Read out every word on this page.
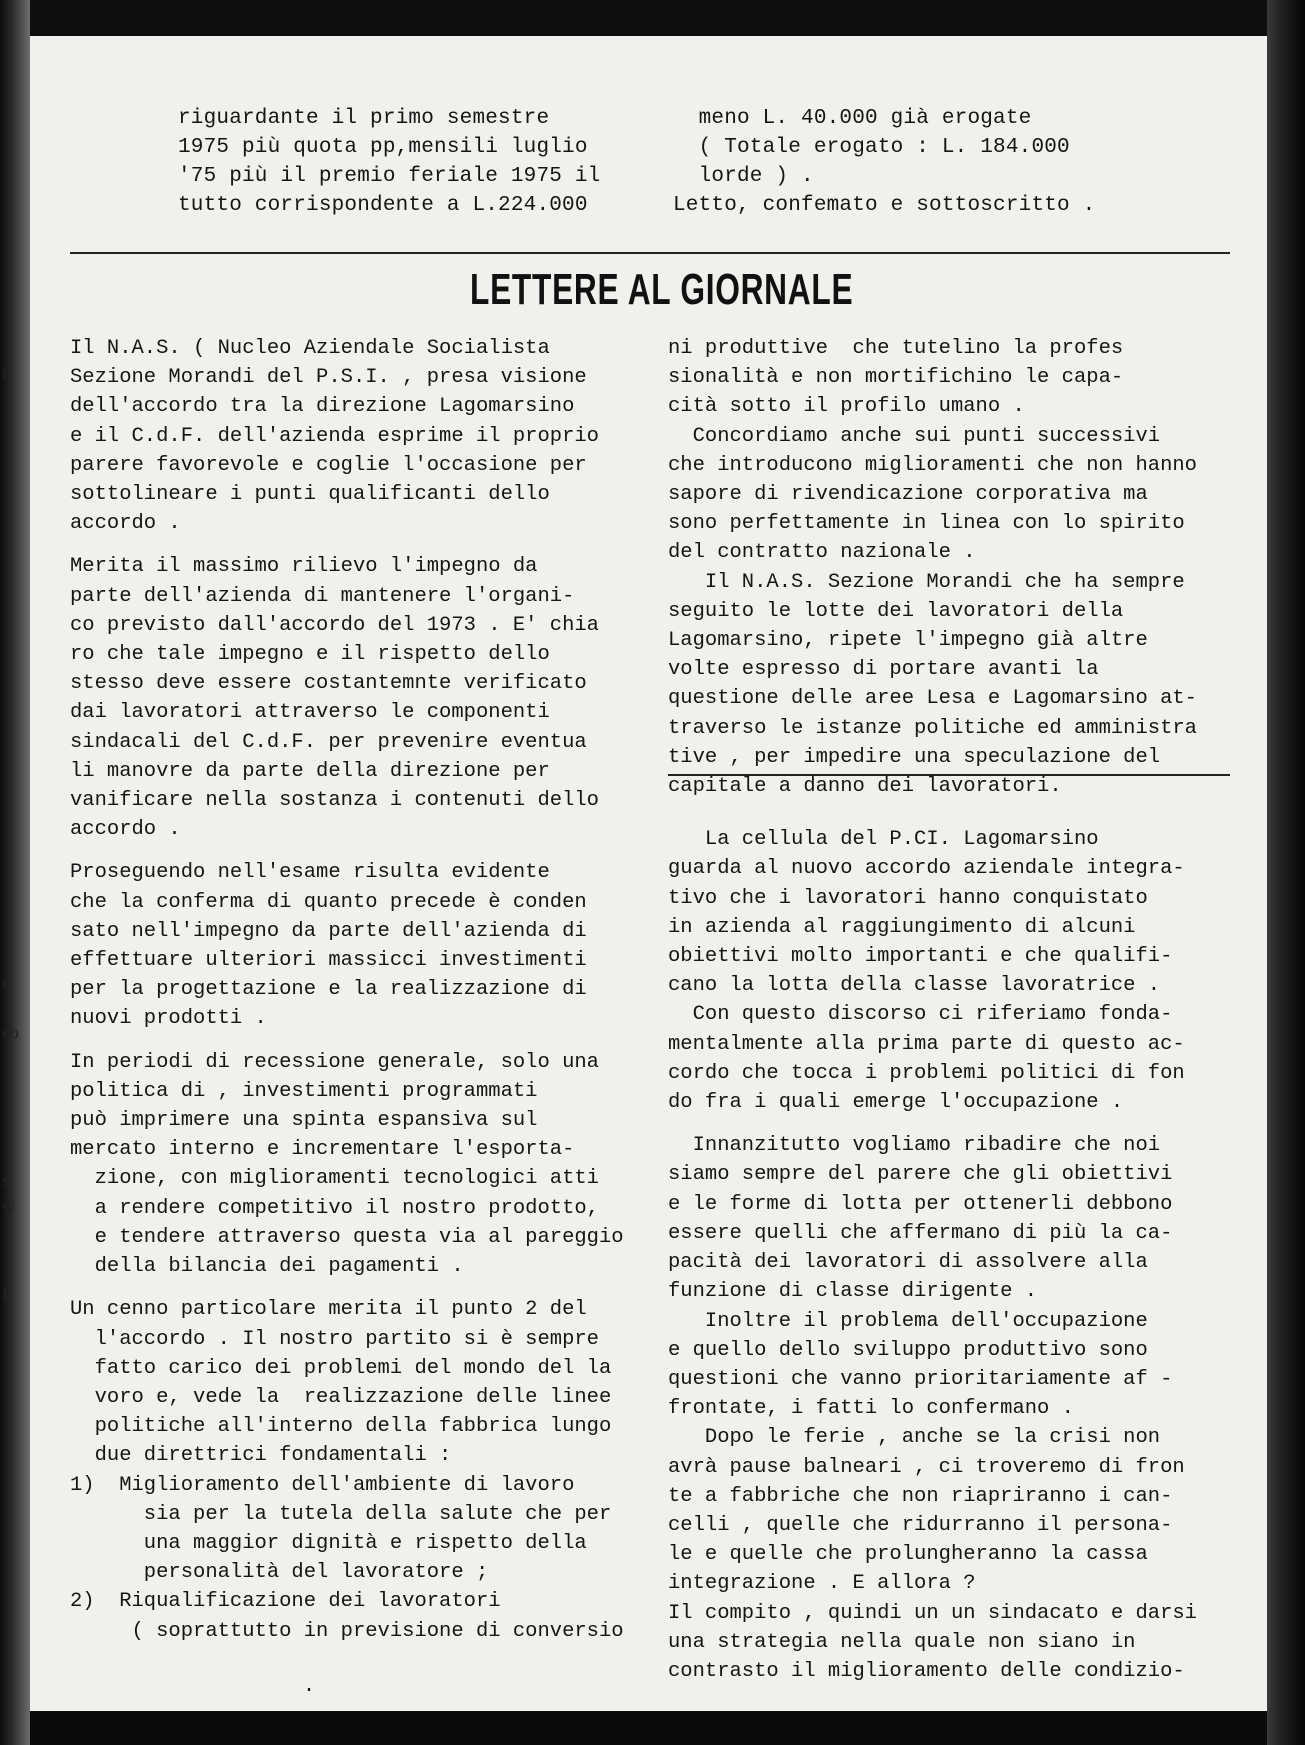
i
o
co
s
w
I
riguardante il primo semestre
1975 più quota pp,mensili luglio
'75 più il premio feriale 1975 il
tutto corrispondente a L.224.000
meno L. 40.000 già erogate
( Totale erogato : L. 184.000
lorde ) .
Letto, confemato e sottoscritto .
LETTERE AL GIORNALE
Il N.A.S. ( Nucleo Aziendale Socialista
Sezione Morandi del P.S.I. , presa visione
dell'accordo tra la direzione Lagomarsino
e il C.d.F. dell'azienda esprime il proprio
parere favorevole e coglie l'occasione per
sottolineare i punti qualificanti dello
accordo .
Merita il massimo rilievo l'impegno da
parte dell'azienda di mantenere l'organi-
co previsto dall'accordo del 1973 . E' chia
ro che tale impegno e il rispetto dello
stesso deve essere costantemnte verificato
dai lavoratori attraverso le componenti
sindacali del C.d.F. per prevenire eventua
li manovre da parte della direzione per
vanificare nella sostanza i contenuti dello
accordo .
Proseguendo nell'esame risulta evidente
che la conferma di quanto precede è conden
sato nell'impegno da parte dell'azienda di
effettuare ulteriori massicci investimenti
per la progettazione e la realizzazione di
nuovi prodotti .
In periodi di recessione generale, solo una
politica di , investimenti programmati
può imprimere una spinta espansiva sul
mercato interno e incrementare l'esporta-
zione, con miglioramenti tecnologici atti
a rendere competitivo il nostro prodotto,
e tendere attraverso questa via al pareggio
della bilancia dei pagamenti .
Un cenno particolare merita il punto 2 del
l'accordo . Il nostro partito si è sempre
fatto carico dei problemi del mondo del la
voro e, vede la  realizzazione delle linee
politiche all'interno della fabbrica lungo
due direttrici fondamentali :
1)  Miglioramento dell'ambiente di lavoro
sia per la tutela della salute che per
una maggior dignità e rispetto della
personalità del lavoratore ;
2)  Riqualificazione dei lavoratori
( soprattutto in previsione di conversio
ni produttive  che tutelino la profes
sionalità e non mortifichino le capa-
cità sotto il profilo umano .
Concordiamo anche sui punti successivi
che introducono miglioramenti che non hanno
sapore di rivendicazione corporativa ma
sono perfettamente in linea con lo spirito
del contratto nazionale .
Il N.A.S. Sezione Morandi che ha sempre
seguito le lotte dei lavoratori della
Lagomarsino, ripete l'impegno già altre
volte espresso di portare avanti la
questione delle aree Lesa e Lagomarsino at-
traverso le istanze politiche ed amministra
tive , per impedire una speculazione del
capitale a danno dei lavoratori.
La cellula del P.CI. Lagomarsino
guarda al nuovo accordo aziendale integra-
tivo che i lavoratori hanno conquistato
in azienda al raggiungimento di alcuni
obiettivi molto importanti e che qualifi-
cano la lotta della classe lavoratrice .
Con questo discorso ci riferiamo fonda-
mentalmente alla prima parte di questo ac-
cordo che tocca i problemi politici di fon
do fra i quali emerge l'occupazione .
Innanzitutto vogliamo ribadire che noi
siamo sempre del parere che gli obiettivi
e le forme di lotta per ottenerli debbono
essere quelli che affermano di più la ca-
pacità dei lavoratori di assolvere alla
funzione di classe dirigente .
Inoltre il problema dell'occupazione
e quello dello sviluppo produttivo sono
questioni che vanno prioritariamente af -
frontate, i fatti lo confermano .
Dopo le ferie , anche se la crisi non
avrà pause balneari , ci troveremo di fron
te a fabbriche che non riapriranno i can-
celli , quelle che ridurranno il persona-
le e quelle che prolungheranno la cassa
integrazione . E allora ?
Il compito , quindi un un sindacato e darsi
una strategia nella quale non siano in
contrasto il miglioramento delle condizio-
.
